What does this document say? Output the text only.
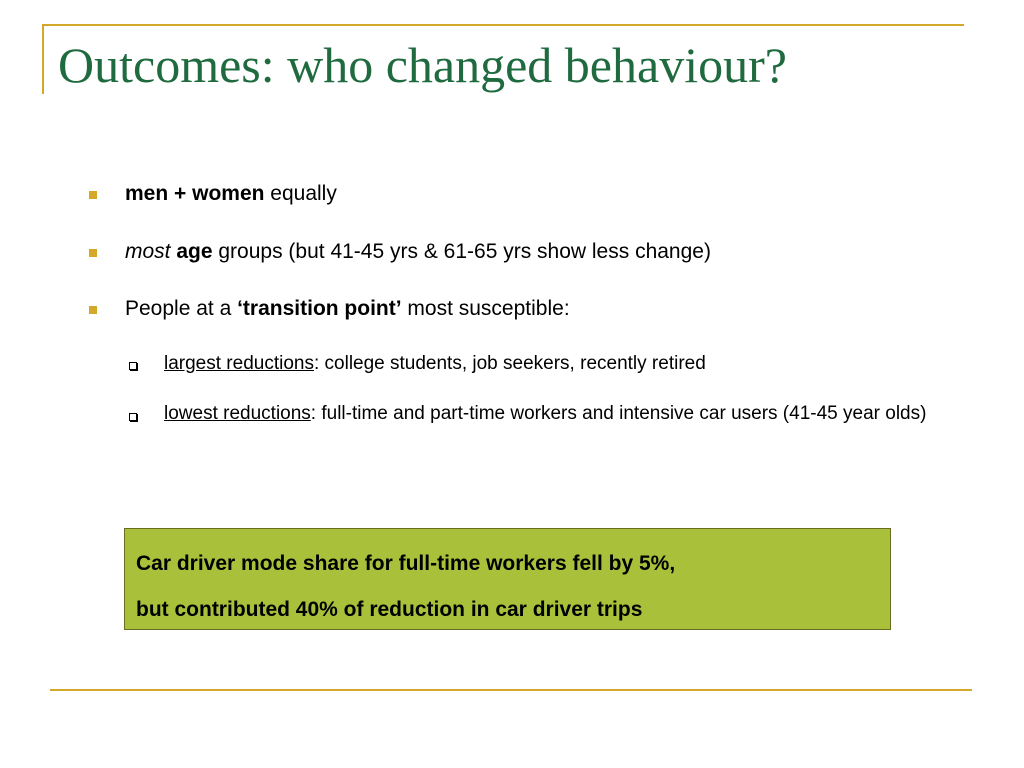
Outcomes: who changed behaviour?
men + women equally
most age groups (but 41-45 yrs & 61-65 yrs show less change)
People at a ‘transition point’ most susceptible:
largest reductions: college students, job seekers, recently retired
lowest reductions: full-time and part-time workers and intensive car users (41-45 year olds)
Car driver mode share for full-time workers fell by 5%,
but contributed 40% of reduction in car driver trips
